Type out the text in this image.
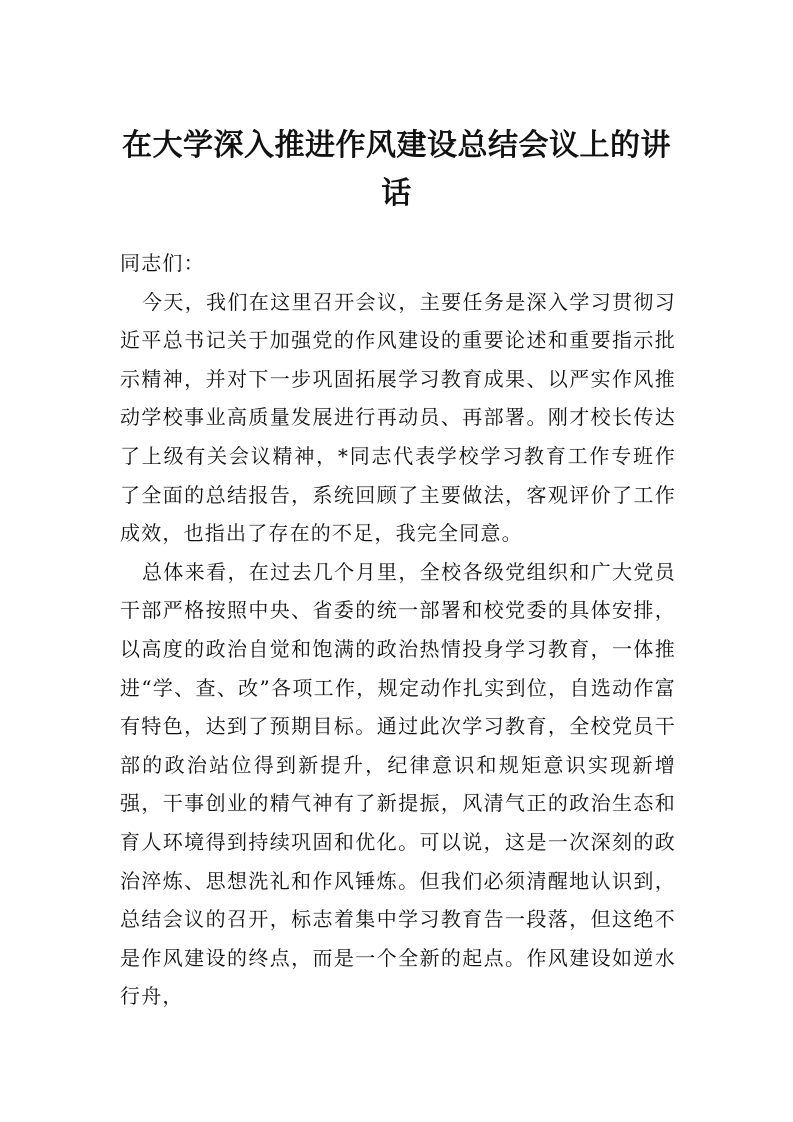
在大学深入推进作风建设总结会议上的讲话

同志们：

今天，我们在这里召开会议，主要任务是深入学习贯彻习近平总书记关于加强党的作风建设的重要论述和重要指示批示精神，并对下一步巩固拓展学习教育成果、以严实作风推动学校事业高质量发展进行再动员、再部署。刚才校长传达了上级有关会议精神，*同志代表学校学习教育工作专班作了全面的总结报告，系统回顾了主要做法，客观评价了工作成效，也指出了存在的不足，我完全同意。

总体来看，在过去几个月里，全校各级党组织和广大党员干部严格按照中央、省委的统一部署和校党委的具体安排，以高度的政治自觉和饱满的政治热情投身学习教育，一体推进“学、查、改”各项工作，规定动作扎实到位，自选动作富有特色，达到了预期目标。通过此次学习教育，全校党员干部的政治站位得到新提升，纪律意识和规矩意识实现新增强，干事创业的精气神有了新提振，风清气正的政治生态和育人环境得到持续巩固和优化。可以说，这是一次深刻的政治淬炼、思想洗礼和作风锤炼。但我们必须清醒地认识到，总结会议的召开，标志着集中学习教育告一段落，但这绝不是作风建设的终点，而是一个全新的起点。作风建设如逆水行舟，
